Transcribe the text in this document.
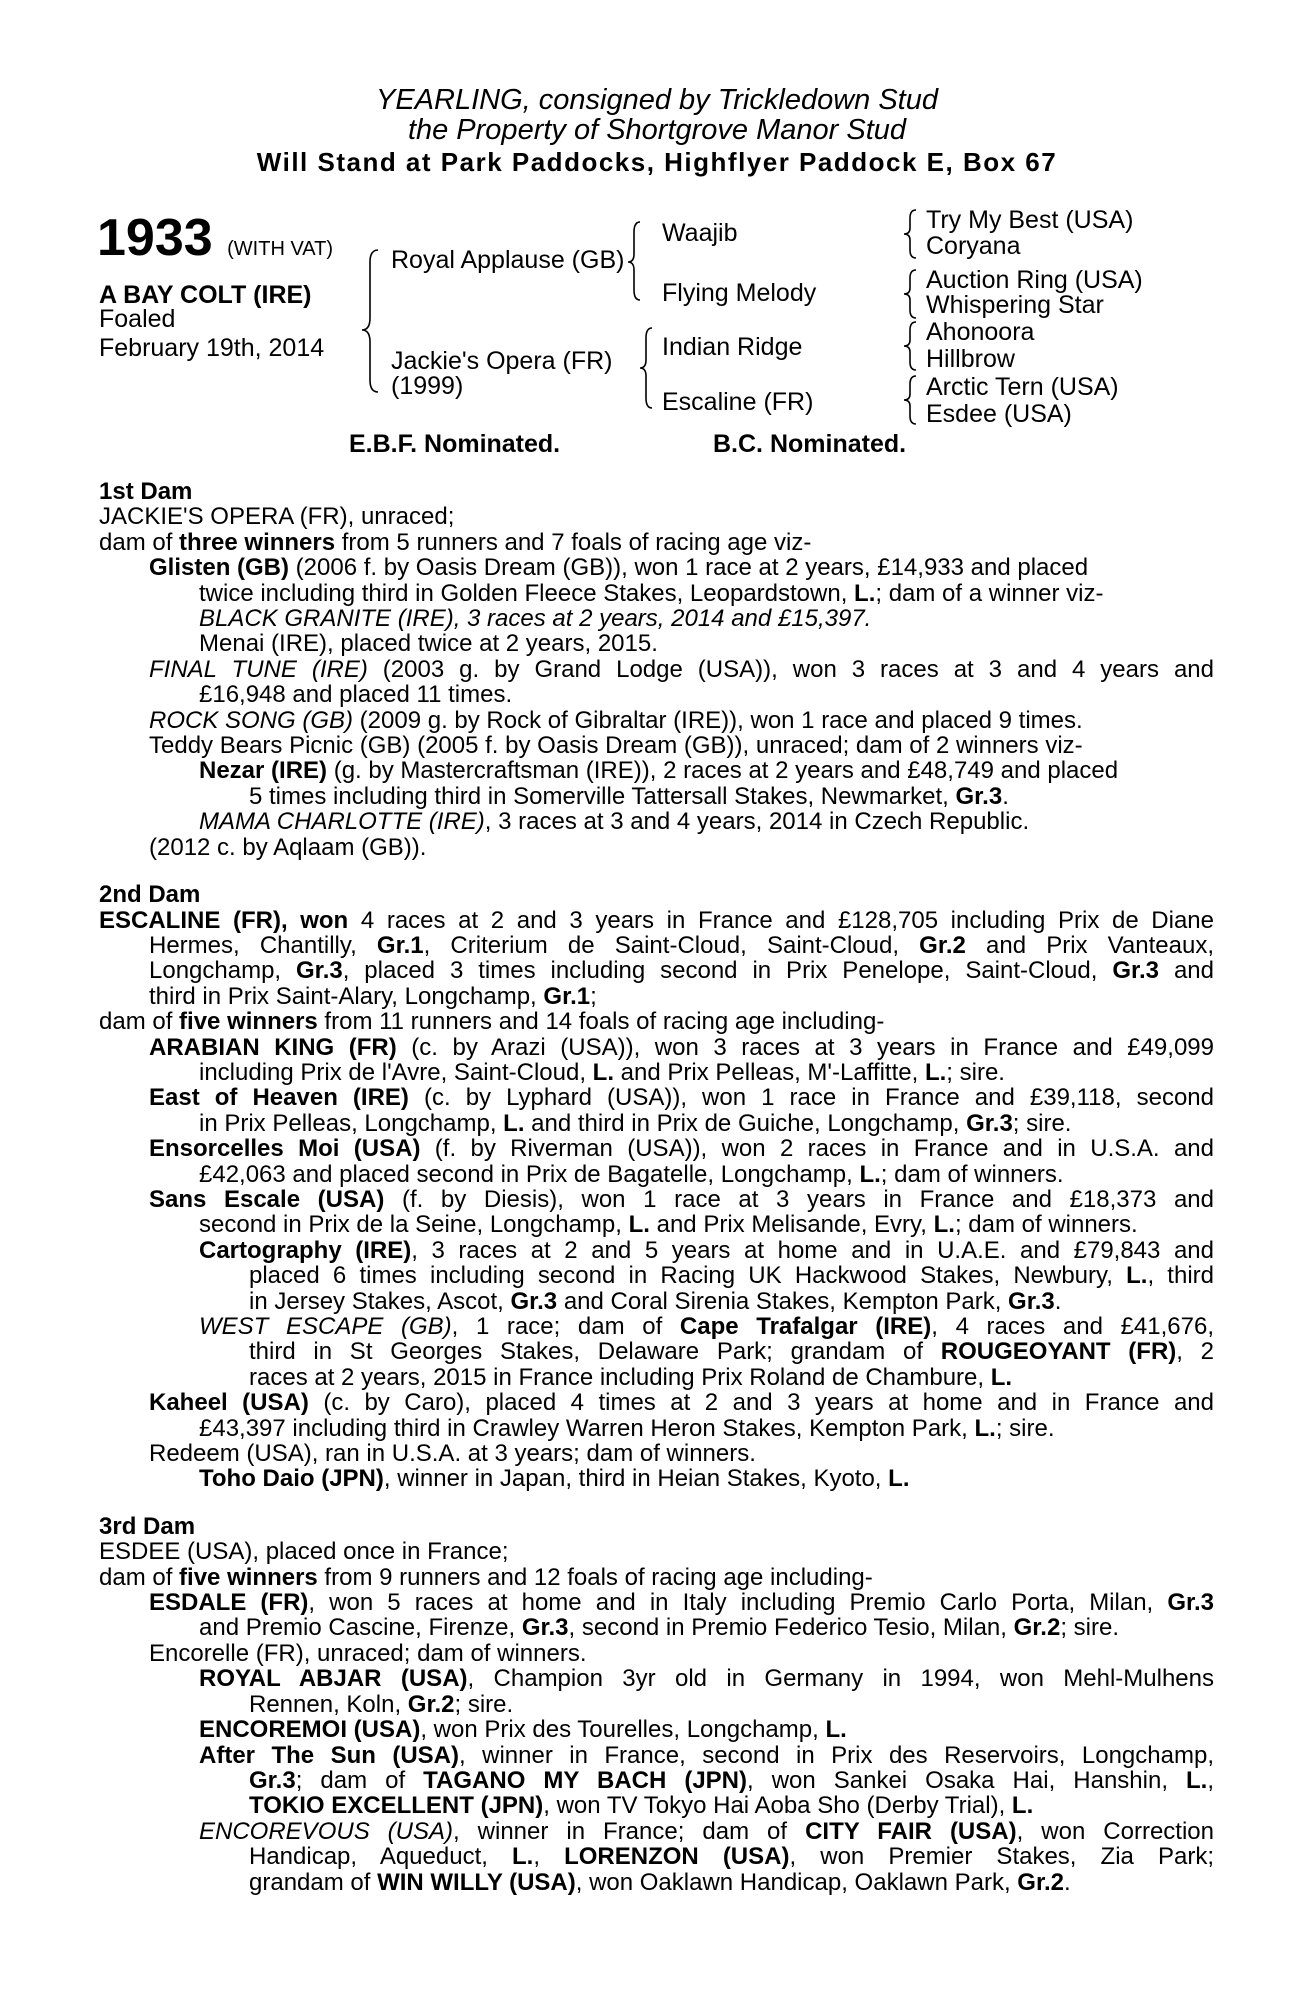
YEARLING, consigned by Trickledown Stud
the Property of Shortgrove Manor Stud
Will Stand at Park Paddocks, Highflyer Paddock E, Box 67
1933 (WITH VAT)
A BAY COLT (IRE)
Foaled
February 19th, 2014
Royal Applause (GB)
Jackie's Opera (FR)
(1999)
Waajib
Flying Melody
Indian Ridge
Escaline (FR)
Try My Best (USA)
Coryana
Auction Ring (USA)
Whispering Star
Ahonoora
Hillbrow
Arctic Tern (USA)
Esdee (USA)
E.B.F. Nominated.	B.C. Nominated.
1st Dam
JACKIE'S OPERA (FR), unraced;
dam of three winners from 5 runners and 7 foals of racing age viz-
Glisten (GB) (2006 f. by Oasis Dream (GB)), won 1 race at 2 years, £14,933 and placed
twice including third in Golden Fleece Stakes, Leopardstown, L.; dam of a winner viz-
BLACK GRANITE (IRE), 3 races at 2 years, 2014 and £15,397.
Menai (IRE), placed twice at 2 years, 2015.
FINAL TUNE (IRE) (2003 g. by Grand Lodge (USA)), won 3 races at 3 and 4 years and
£16,948 and placed 11 times.
ROCK SONG (GB) (2009 g. by Rock of Gibraltar (IRE)), won 1 race and placed 9 times.
Teddy Bears Picnic (GB) (2005 f. by Oasis Dream (GB)), unraced; dam of 2 winners viz-
Nezar (IRE) (g. by Mastercraftsman (IRE)), 2 races at 2 years and £48,749 and placed
5 times including third in Somerville Tattersall Stakes, Newmarket, Gr.3.
MAMA CHARLOTTE (IRE), 3 races at 3 and 4 years, 2014 in Czech Republic.
(2012 c. by Aqlaam (GB)).
2nd Dam
ESCALINE (FR), won 4 races at 2 and 3 years in France and £128,705 including Prix de Diane
Hermes, Chantilly, Gr.1, Criterium de Saint-Cloud, Saint-Cloud, Gr.2 and Prix Vanteaux,
Longchamp, Gr.3, placed 3 times including second in Prix Penelope, Saint-Cloud, Gr.3 and
third in Prix Saint-Alary, Longchamp, Gr.1;
dam of five winners from 11 runners and 14 foals of racing age including-
ARABIAN KING (FR) (c. by Arazi (USA)), won 3 races at 3 years in France and £49,099
including Prix de l'Avre, Saint-Cloud, L. and Prix Pelleas, M'-Laffitte, L.; sire.
East of Heaven (IRE) (c. by Lyphard (USA)), won 1 race in France and £39,118, second
in Prix Pelleas, Longchamp, L. and third in Prix de Guiche, Longchamp, Gr.3; sire.
Ensorcelles Moi (USA) (f. by Riverman (USA)), won 2 races in France and in U.S.A. and
£42,063 and placed second in Prix de Bagatelle, Longchamp, L.; dam of winners.
Sans Escale (USA) (f. by Diesis), won 1 race at 3 years in France and £18,373 and
second in Prix de la Seine, Longchamp, L. and Prix Melisande, Evry, L.; dam of winners.
Cartography (IRE), 3 races at 2 and 5 years at home and in U.A.E. and £79,843 and
placed 6 times including second in Racing UK Hackwood Stakes, Newbury, L., third
in Jersey Stakes, Ascot, Gr.3 and Coral Sirenia Stakes, Kempton Park, Gr.3.
WEST ESCAPE (GB), 1 race; dam of Cape Trafalgar (IRE), 4 races and £41,676,
third in St Georges Stakes, Delaware Park; grandam of ROUGEOYANT (FR), 2
races at 2 years, 2015 in France including Prix Roland de Chambure, L.
Kaheel (USA) (c. by Caro), placed 4 times at 2 and 3 years at home and in France and
£43,397 including third in Crawley Warren Heron Stakes, Kempton Park, L.; sire.
Redeem (USA), ran in U.S.A. at 3 years; dam of winners.
Toho Daio (JPN), winner in Japan, third in Heian Stakes, Kyoto, L.
3rd Dam
ESDEE (USA), placed once in France;
dam of five winners from 9 runners and 12 foals of racing age including-
ESDALE (FR), won 5 races at home and in Italy including Premio Carlo Porta, Milan, Gr.3
and Premio Cascine, Firenze, Gr.3, second in Premio Federico Tesio, Milan, Gr.2; sire.
Encorelle (FR), unraced; dam of winners.
ROYAL ABJAR (USA), Champion 3yr old in Germany in 1994, won Mehl-Mulhens
Rennen, Koln, Gr.2; sire.
ENCOREMOI (USA), won Prix des Tourelles, Longchamp, L.
After The Sun (USA), winner in France, second in Prix des Reservoirs, Longchamp,
Gr.3; dam of TAGANO MY BACH (JPN), won Sankei Osaka Hai, Hanshin, L.,
TOKIO EXCELLENT (JPN), won TV Tokyo Hai Aoba Sho (Derby Trial), L.
ENCOREVOUS (USA), winner in France; dam of CITY FAIR (USA), won Correction
Handicap, Aqueduct, L., LORENZON (USA), won Premier Stakes, Zia Park;
grandam of WIN WILLY (USA), won Oaklawn Handicap, Oaklawn Park, Gr.2.
